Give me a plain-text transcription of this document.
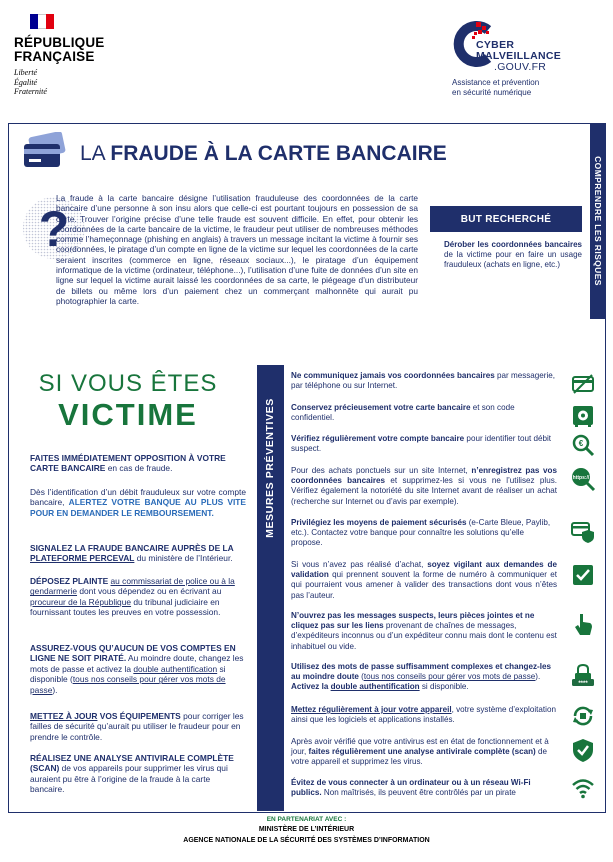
RÉPUBLIQUE
FRANÇAISE
Liberté
Égalité
Fraternité
CYBER
MALVEILLANCE
.GOUV.FR
Assistance et prévention
en sécurité numérique
COMPRENDRE LES RISQUES
LA FRAUDE À LA CARTE BANCAIRE
?
La fraude à la carte bancaire désigne l’utilisation frauduleuse des coordonnées de la carte bancaire d’une personne à son insu alors que celle-ci est pourtant toujours en possession de sa carte. Trouver l’origine précise d’une telle fraude est souvent difficile. En effet, pour obtenir les coordonnées de la carte bancaire de la victime, le fraudeur peut utiliser de nombreuses méthodes comme l’hameçonnage (phishing en anglais) à travers un message incitant la victime à fournir ses coordonnées, le piratage d’un compte en ligne de la victime sur lequel les coordonnées de la carte seraient inscrites (commerce en ligne, réseaux sociaux...), le piratage d’un équipement informatique de la victime (ordinateur, téléphone...), l’utilisation d’une fuite de données d’un site en ligne sur lequel la victime aurait laissé les coordonnées de sa carte, le piégeage d’un distributeur de billets ou même lors d’un paiement chez un commerçant malhonnête qui aurait pu photographier la carte.
BUT RECHERCHÉ
Dérober les coordonnées bancaires de la victime pour en faire un usage frauduleux (achats en ligne, etc.)
SI VOUS ÊTES
VICTIME
FAITES IMMÉDIATEMENT OPPOSITION À VOTRE CARTE BANCAIRE en cas de fraude.
Dès l’identification d’un débit frauduleux sur votre compte bancaire, ALERTEZ VOTRE BANQUE AU PLUS VITE POUR EN DEMANDER LE REMBOURSEMENT.
SIGNALEZ LA FRAUDE BANCAIRE AUPRÈS DE LA PLATEFORME PERCEVAL du ministère de l’Intérieur.
DÉPOSEZ PLAINTE au commissariat de police ou à la gendarmerie dont vous dépendez ou en écrivant au procureur de la République du tribunal judiciaire en fournissant toutes les preuves en votre possession.
ASSUREZ-VOUS QU’AUCUN DE VOS COMPTES EN LIGNE NE SOIT PIRATÉ. Au moindre doute, changez les mots de passe et activez la double authentification si disponible (tous nos conseils pour gérer vos mots de passe).
METTEZ À JOUR VOS ÉQUIPEMENTS pour corriger les failles de sécurité qu’aurait pu utiliser le fraudeur pour en prendre le contrôle.
RÉALISEZ UNE ANALYSE ANTIVIRALE COMPLÈTE (SCAN) de vos appareils pour supprimer les virus qui auraient pu être à l’origine de la fraude à la carte bancaire.
MESURES PRÉVENTIVES
Ne communiquez jamais vos coordonnées bancaires par messagerie, par téléphone ou sur Internet.
Conservez précieusement votre carte bancaire et son code confidentiel.
Vérifiez régulièrement votre compte bancaire pour identifier tout débit suspect.
Pour des achats ponctuels sur un site Internet, n’enregistrez pas vos coordonnées bancaires et supprimez-les si vous ne l’utilisez plus. Vérifiez également la notoriété du site Internet avant de réaliser un achat (recherche sur Internet ou d’avis par exemple).
Privilégiez les moyens de paiement sécurisés (e-Carte Bleue, Paylib, etc.). Contactez votre banque pour connaître les solutions qu’elle propose.
Si vous n’avez pas réalisé d’achat, soyez vigilant aux demandes de validation qui prennent souvent la forme de numéro à communiquer et qui pourraient vous amener à valider des transactions dont vous n’êtes pas l’auteur.
N’ouvrez pas les messages suspects, leurs pièces jointes et ne cliquez pas sur les liens provenant de chaînes de messages, d’expéditeurs inconnus ou d’un expéditeur connu mais dont le contenu est inhabituel ou vide.
Utilisez des mots de passe suffisamment complexes et changez-les au moindre doute (tous nos conseils pour gérer vos mots de passe). Activez la double authentification si disponible.
Mettez régulièrement à jour votre appareil, votre système d’exploitation ainsi que les logiciels et applications installés.
Après avoir vérifié que votre antivirus est en état de fonctionnement et à jour, faites régulièrement une analyse antivirale complète (scan) de votre appareil et supprimez les virus.
Évitez de vous connecter à un ordinateur ou à un réseau Wi-Fi publics. Non maîtrisés, ils peuvent être contrôlés par un pirate
€
https://
****
EN PARTENARIAT AVEC :
MINISTÈRE DE L’INTÉRIEUR
AGENCE NATIONALE DE LA SÉCURITÉ DES SYSTÈMES D’INFORMATION
